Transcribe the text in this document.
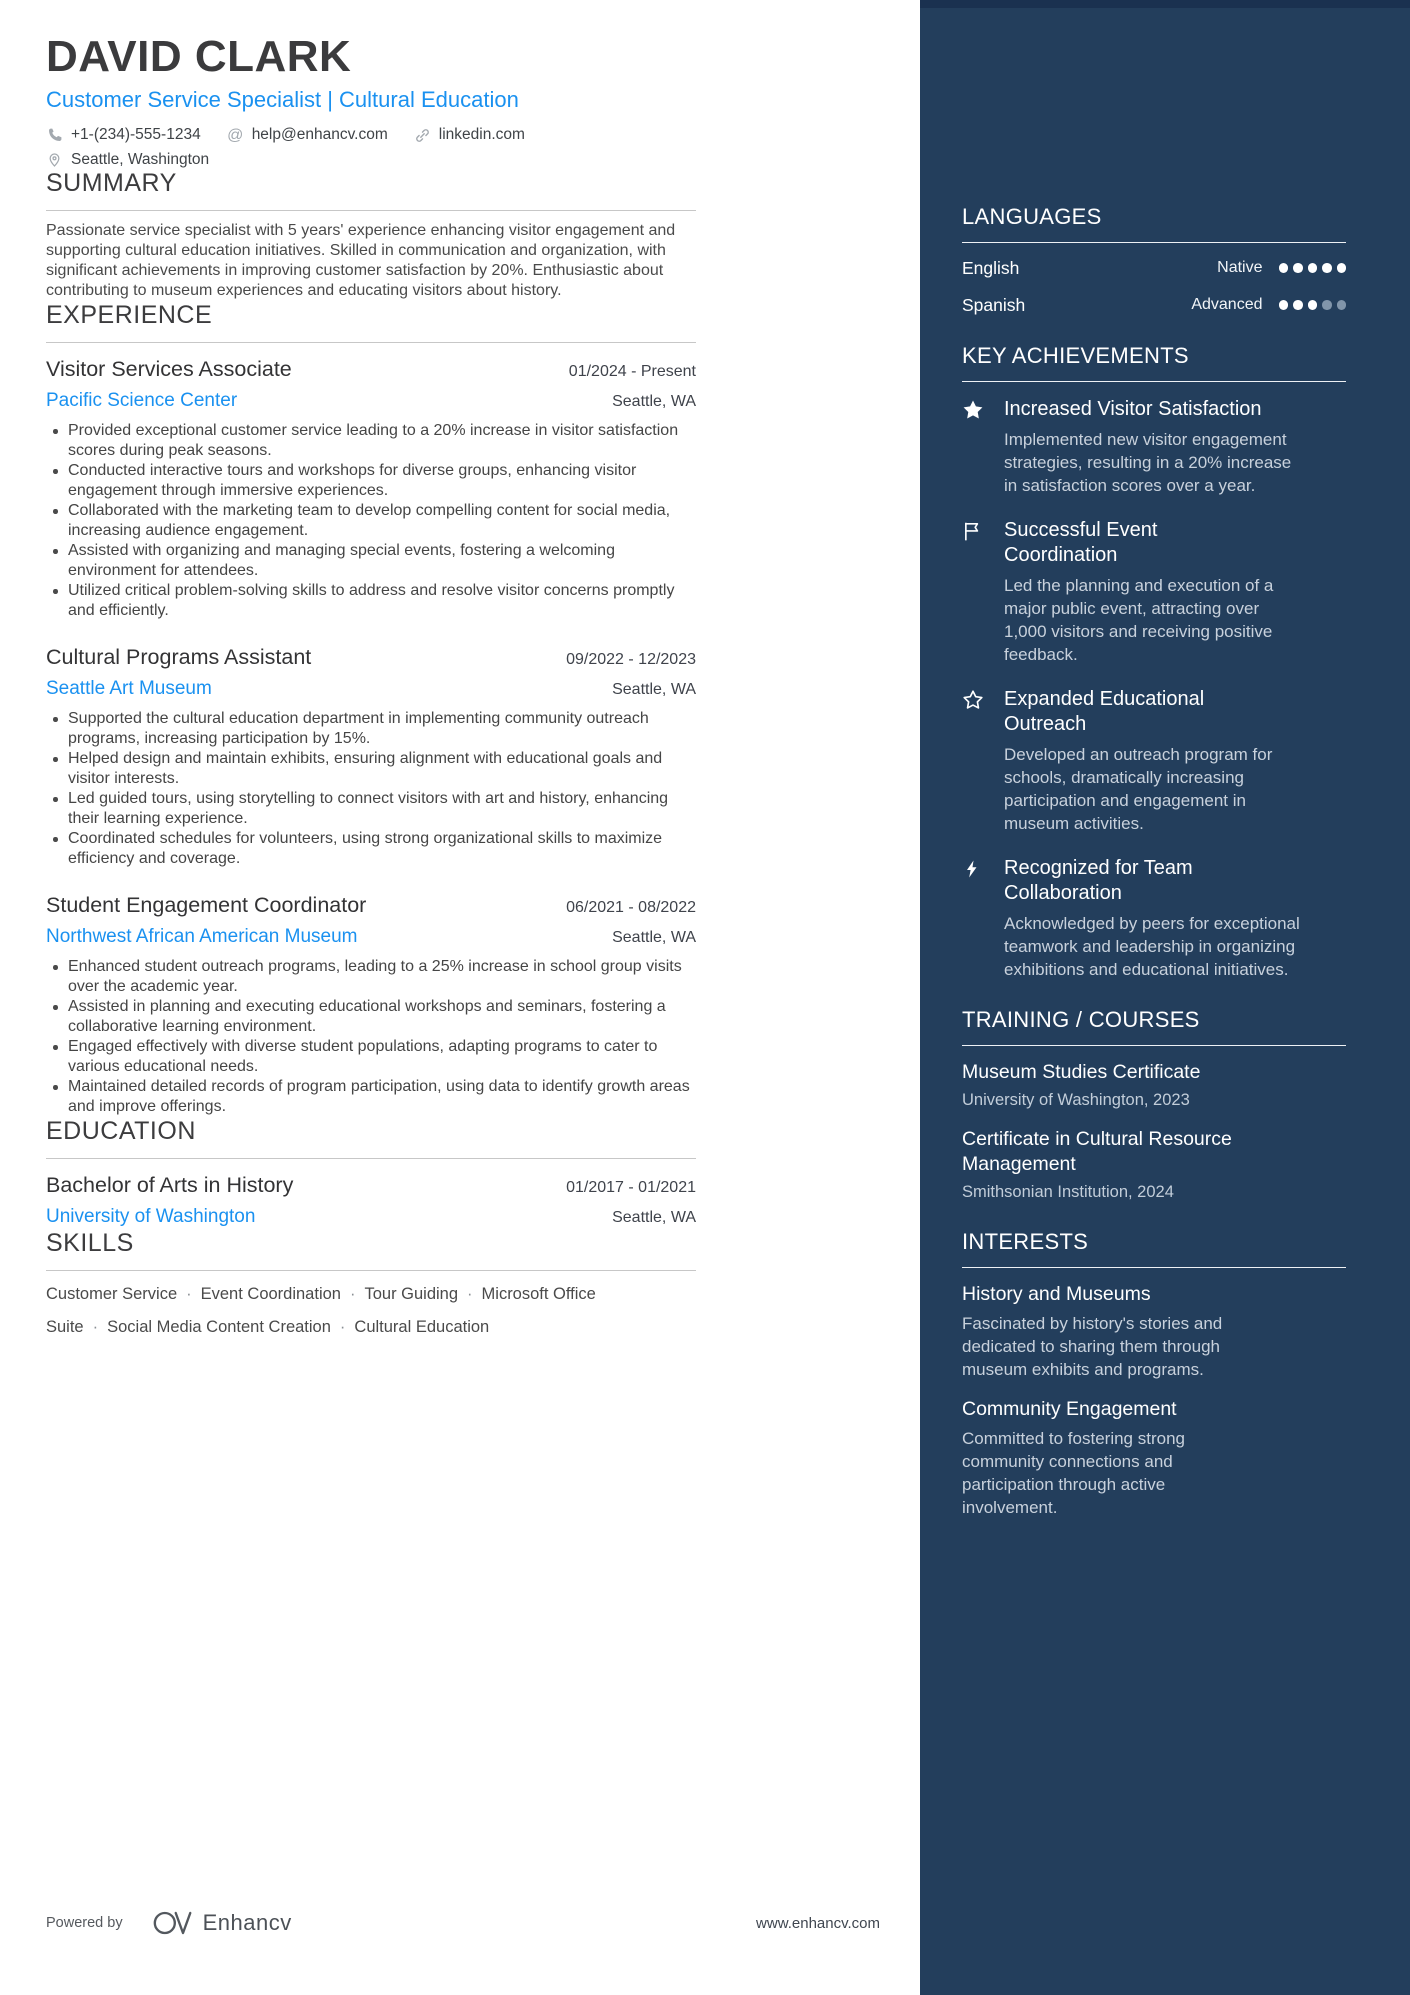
DAVID CLARK
Customer Service Specialist | Cultural Education
+1-(234)-555-1234 @ help@enhancv.com	linkedin.com
Seattle, Washington
SUMMARY

Passionate service specialist with 5 years' experience enhancing visitor engagement and supporting cultural education initiatives. Skilled in communication and organization, with significant achievements in improving customer satisfaction by 20%. Enthusiastic about contributing to museum experiences and educating visitors about history.

EXPERIENCE
Visitor Services Associate	01/2024 - Present
Pacific Science Center	Seattle, WA
Provided exceptional customer service leading to a 20% increase in visitor satisfaction scores during peak seasons.
Conducted interactive tours and workshops for diverse groups, enhancing visitor engagement through immersive experiences.
Collaborated with the marketing team to develop compelling content for social media, increasing audience engagement.
Assisted with organizing and managing special events, fostering a welcoming environment for attendees.
Utilized critical problem-solving skills to address and resolve visitor concerns promptly and efficiently.
Cultural Programs Assistant	09/2022 - 12/2023
Seattle Art Museum	Seattle, WA
Supported the cultural education department in implementing community outreach programs, increasing participation by 15%.
Helped design and maintain exhibits, ensuring alignment with educational goals and visitor interests.
Led guided tours, using storytelling to connect visitors with art and history, enhancing their learning experience.
Coordinated schedules for volunteers, using strong organizational skills to maximize efficiency and coverage.
Student Engagement Coordinator	06/2021 - 08/2022
Northwest African American Museum	Seattle, WA
Enhanced student outreach programs, leading to a 25% increase in school group visits over the academic year.
Assisted in planning and executing educational workshops and seminars, fostering a collaborative learning environment.
Engaged effectively with diverse student populations, adapting programs to cater to various educational needs.
Maintained detailed records of program participation, using data to identify growth areas and improve offerings.
EDUCATION
Bachelor of Arts in History	01/2017 - 01/2021
University of Washington	Seattle, WA
SKILLS
Customer Service · Event Coordination · Tour Guiding · Microsoft Office Suite · Social Media Content Creation · Cultural Education
Powered by	Enhancv	www.enhancv.com
LANGUAGES
English	Native
Spanish	Advanced
KEY ACHIEVEMENTS
Increased Visitor Satisfaction
Implemented new visitor engagement strategies, resulting in a 20% increase in satisfaction scores over a year.
Successful Event Coordination
Led the planning and execution of a major public event, attracting over 1,000 visitors and receiving positive feedback.
Expanded Educational Outreach
Developed an outreach program for schools, dramatically increasing participation and engagement in museum activities.
Recognized for Team Collaboration
Acknowledged by peers for exceptional teamwork and leadership in organizing exhibitions and educational initiatives.
TRAINING / COURSES
Museum Studies Certificate
University of Washington, 2023
Certificate in Cultural Resource Management
Smithsonian Institution, 2024
INTERESTS
History and Museums
Fascinated by history's stories and dedicated to sharing them through museum exhibits and programs.
Community Engagement
Committed to fostering strong community connections and participation through active involvement.
